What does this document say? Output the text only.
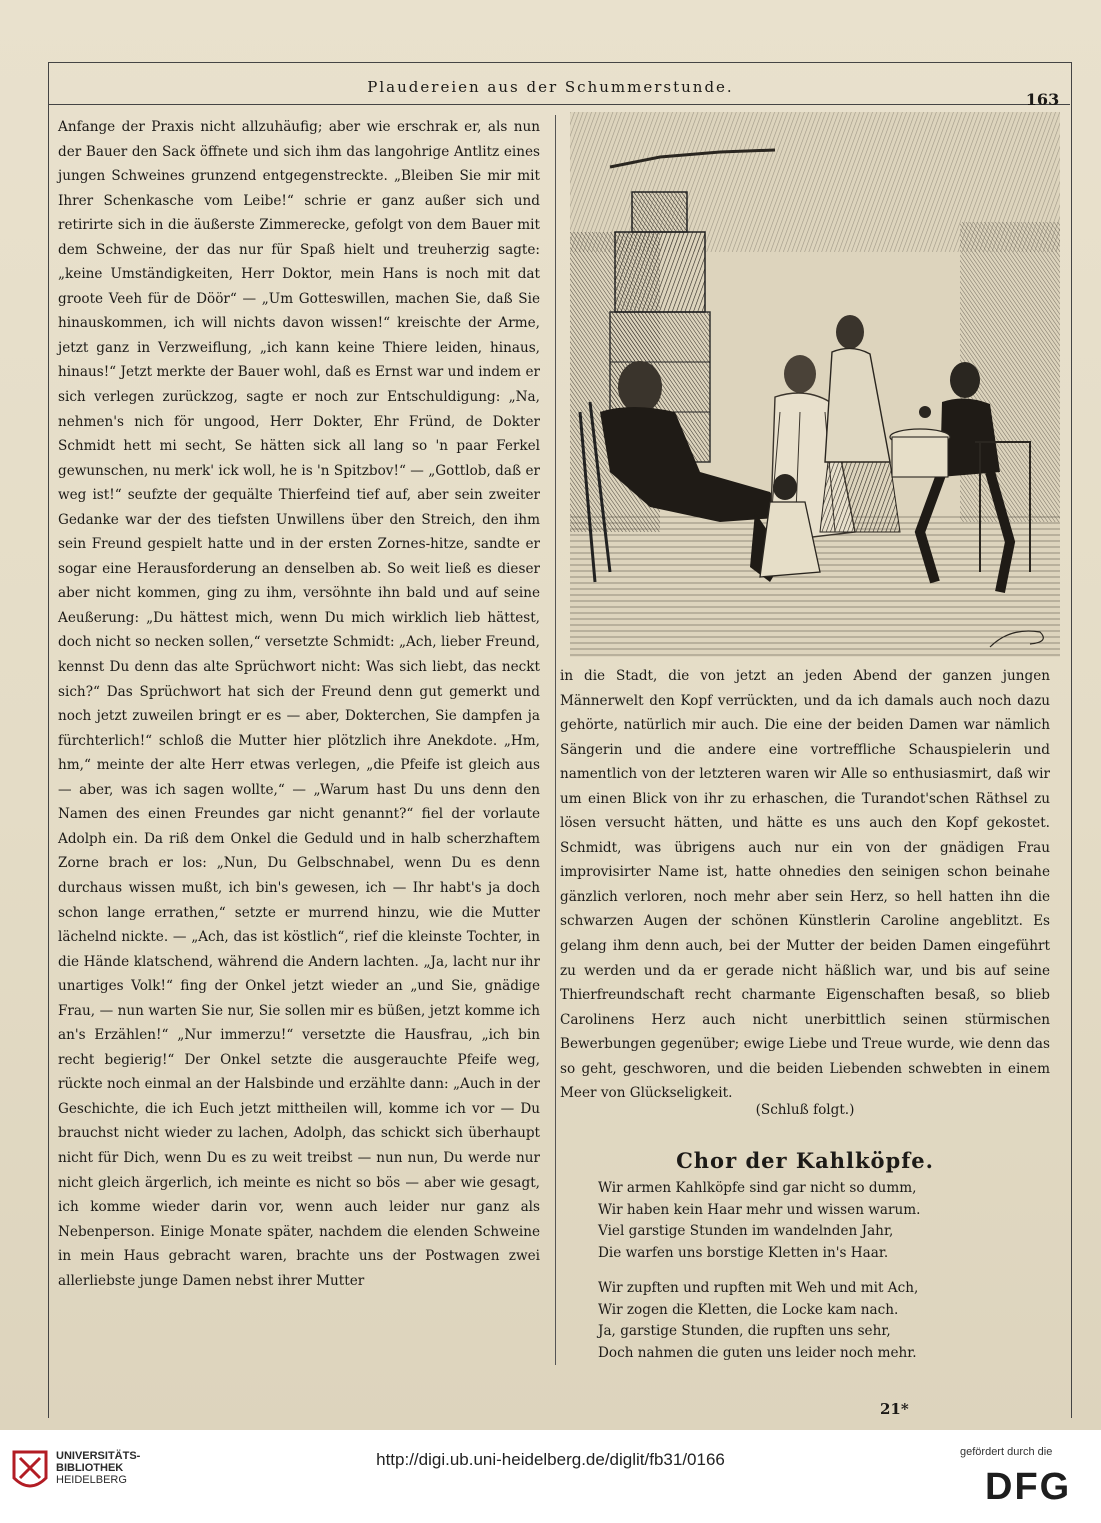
Plaudereien aus der Schummerstunde.
163

Anfange der Praxis nicht allzuhäufig; aber wie erschrak er, als nun der Bauer den Sack öffnete und sich ihm das langohrige Antlitz eines jungen Schweines grunzend entgegenstreckte. „Bleiben Sie mir mit Ihrer Schenkasche vom Leibe!“ schrie er ganz außer sich und retirirte sich in die äußerste Zimmerecke, gefolgt von dem Bauer mit dem Schweine, der das nur für Spaß hielt und treuherzig sagte: „keine Umständigkeiten, Herr Doktor, mein Hans is noch mit dat groote Veeh für de Döör“ — „Um Gotteswillen, machen Sie, daß Sie hinauskommen, ich will nichts davon wissen!“ kreischte der Arme, jetzt ganz in Verzweiflung, „ich kann keine Thiere leiden, hinaus, hinaus!“ Jetzt merkte der Bauer wohl, daß es Ernst war und indem er sich verlegen zurückzog, sagte er noch zur Entschuldigung: „Na, nehmen's nich för ungood, Herr Dokter, Ehr Fründ, de Dokter Schmidt hett mi secht, Se hätten sick all lang so 'n paar Ferkel gewunschen, nu merk' ick woll, he is 'n Spitzbov!“ — „Gottlob, daß er weg ist!“ seufzte der gequälte Thierfeind tief auf, aber sein zweiter Gedanke war der des tiefsten Unwillens über den Streich, den ihm sein Freund gespielt hatte und in der ersten Zornes-hitze, sandte er sogar eine Herausforderung an denselben ab. So weit ließ es dieser aber nicht kommen, ging zu ihm, versöhnte ihn bald und auf seine Aeußerung: „Du hättest mich, wenn Du mich wirklich lieb hättest, doch nicht so necken sollen,“ versetzte Schmidt: „Ach, lieber Freund, kennst Du denn das alte Sprüchwort nicht: Was sich liebt, das neckt sich?“ Das Sprüchwort hat sich der Freund denn gut gemerkt und noch jetzt zuweilen bringt er es — aber, Dokterchen, Sie dampfen ja fürchterlich!“ schloß die Mutter hier plötzlich ihre Anekdote. „Hm, hm,“ meinte der alte Herr etwas verlegen, „die Pfeife ist gleich aus — aber, was ich sagen wollte,“ — „Warum hast Du uns denn den Namen des einen Freundes gar nicht genannt?“ fiel der vorlaute Adolph ein. Da riß dem Onkel die Geduld und in halb scherzhaftem Zorne brach er los: „Nun, Du Gelbschnabel, wenn Du es denn durchaus wissen mußt, ich bin's gewesen, ich — Ihr habt's ja doch schon lange errathen,“ setzte er murrend hinzu, wie die Mutter lächelnd nickte. — „Ach, das ist köstlich“, rief die kleinste Tochter, in die Hände klatschend, während die Andern lachten. „Ja, lacht nur ihr unartiges Volk!“ fing der Onkel jetzt wieder an „und Sie, gnädige Frau, — nun warten Sie nur, Sie sollen mir es büßen, jetzt komme ich an's Erzählen!“ „Nur immerzu!“ versetzte die Hausfrau, „ich bin recht begierig!“ Der Onkel setzte die ausgerauchte Pfeife weg, rückte noch einmal an der Halsbinde und erzählte dann: „Auch in der Geschichte, die ich Euch jetzt mittheilen will, komme ich vor — Du brauchst nicht wieder zu lachen, Adolph, das schickt sich überhaupt nicht für Dich, wenn Du es zu weit treibst — nun nun, Du werde nur nicht gleich ärgerlich, ich meinte es nicht so bös — aber wie gesagt, ich komme wieder darin vor, wenn auch leider nur ganz als Nebenperson. Einige Monate später, nachdem die elenden Schweine in mein Haus gebracht waren, brachte uns der Postwagen zwei allerliebste junge Damen nebst ihrer Mutter

in die Stadt, die von jetzt an jeden Abend der ganzen jungen Männerwelt den Kopf verrückten, und da ich damals auch noch dazu gehörte, natürlich mir auch. Die eine der beiden Damen war nämlich Sängerin und die andere eine vortreffliche Schauspielerin und namentlich von der letzteren waren wir Alle so enthusiasmirt, daß wir um einen Blick von ihr zu erhaschen, die Turandot'schen Räthsel zu lösen versucht hätten, und hätte es uns auch den Kopf gekostet. Schmidt, was übrigens auch nur ein von der gnädigen Frau improvisirter Name ist, hatte ohnedies den seinigen schon beinahe gänzlich verloren, noch mehr aber sein Herz, so hell hatten ihn die schwarzen Augen der schönen Künstlerin Caroline angeblitzt. Es gelang ihm denn auch, bei der Mutter der beiden Damen eingeführt zu werden und da er gerade nicht häßlich war, und bis auf seine Thierfreundschaft recht charmante Eigenschaften besaß, so blieb Carolinens Herz auch nicht unerbittlich seinen stürmischen Bewerbungen gegenüber; ewige Liebe und Treue wurde, wie denn das so geht, geschworen, und die beiden Liebenden schwebten in einem Meer von Glückseligkeit.

(Schluß folgt.)
Chor der Kahlköpfe.
Wir armen Kahlköpfe sind gar nicht so dumm,
Wir haben kein Haar mehr und wissen warum.
Viel garstige Stunden im wandelnden Jahr,
Die warfen uns borstige Kletten in's Haar.
Wir zupften und rupften mit Weh und mit Ach,
Wir zogen die Kletten, die Locke kam nach.
Ja, garstige Stunden, die rupften uns sehr,
Doch nahmen die guten uns leider noch mehr.
21*
UNIVERSITÄTS-
BIBLIOTHEK
HEIDELBERG
http://digi.ub.uni-heidelberg.de/diglit/fb31/0166	gefördert durch die
DFG
